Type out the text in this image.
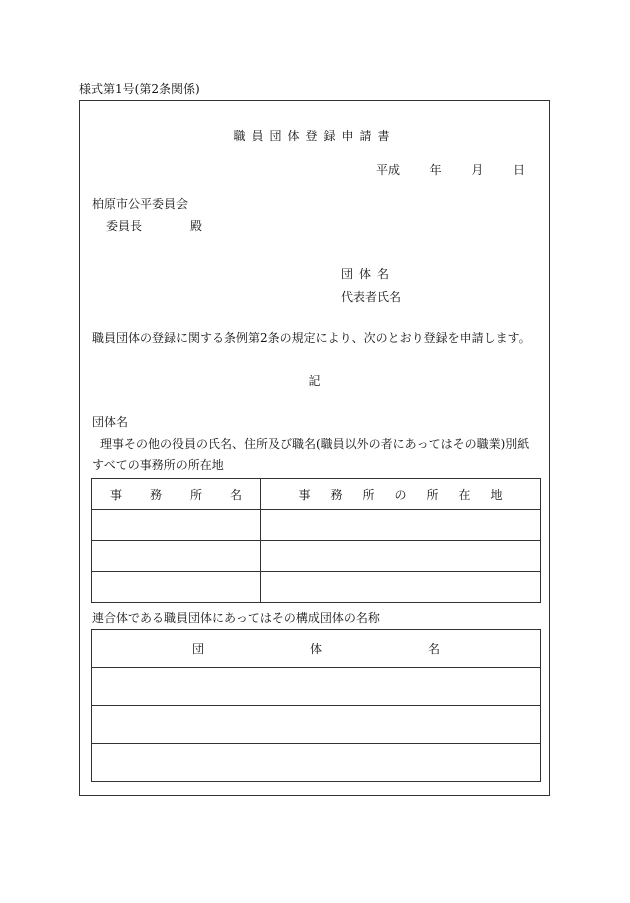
様式第1号(第2条関係)
職員団体登録申請書
平成 年 月 日
柏原市公平委員会
委員長	殿
団体名
代表者氏名
職員団体の登録に関する条例第2条の規定により、次のとおり登録を申請します。
記
団体名
理事その他の役員の氏名、住所及び職名(職員以外の者にあってはその職業)別紙
すべての事務所の所在地
事 務 所 名	事 務 所 の 所 在 地

連合体である職員団体にあってはその構成団体の名称
団	体	名
